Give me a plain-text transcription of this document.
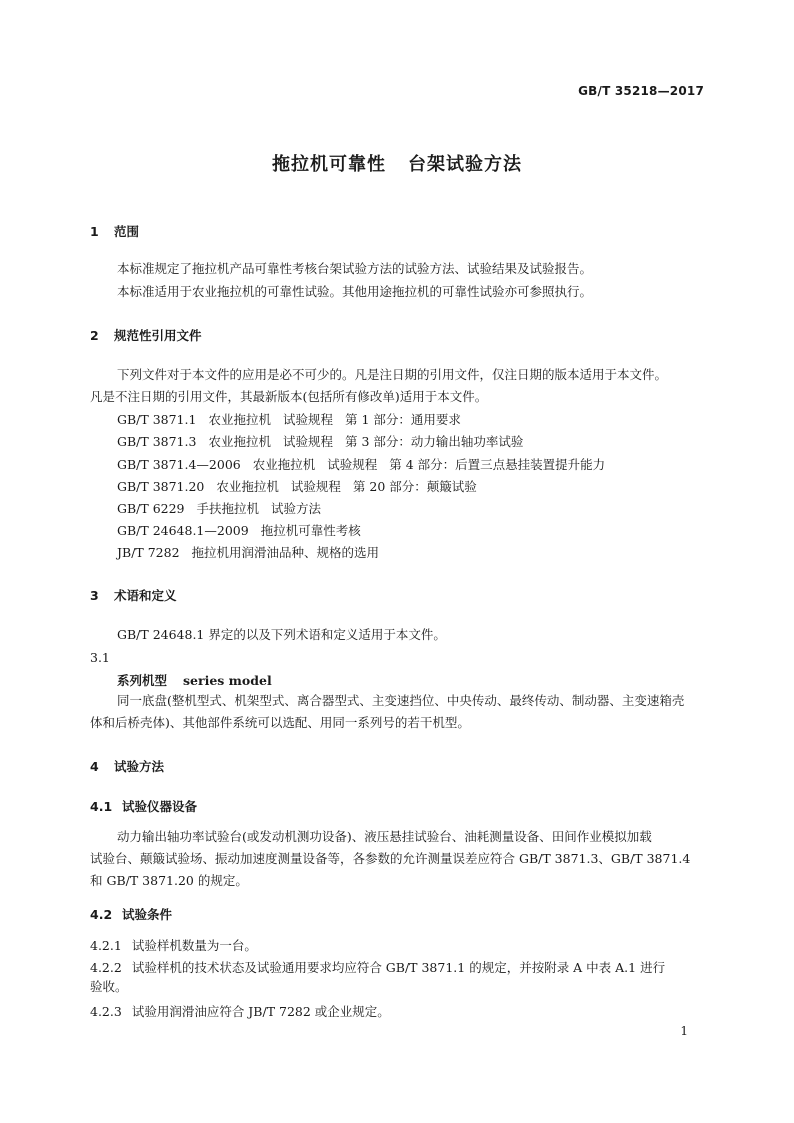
GB/T 35218—2017
拖拉机可靠性 台架试验方法
1 范围
本标准规定了拖拉机产品可靠性考核台架试验方法的试验方法、试验结果及试验报告。
本标准适用于农业拖拉机的可靠性试验。其他用途拖拉机的可靠性试验亦可参照执行。
2 规范性引用文件
下列文件对于本文件的应用是必不可少的。凡是注日期的引用文件，仅注日期的版本适用于本文件。
凡是不注日期的引用文件，其最新版本(包括所有修改单)适用于本文件。
GB/T 3871.1 农业拖拉机 试验规程 第 1 部分：通用要求
GB/T 3871.3 农业拖拉机 试验规程 第 3 部分：动力输出轴功率试验
GB/T 3871.4—2006 农业拖拉机 试验规程 第 4 部分：后置三点悬挂装置提升能力
GB/T 3871.20 农业拖拉机 试验规程 第 20 部分：颠簸试验
GB/T 6229 手扶拖拉机 试验方法
GB/T 24648.1—2009 拖拉机可靠性考核
JB/T 7282 拖拉机用润滑油品种、规格的选用
3 术语和定义
GB/T 24648.1 界定的以及下列术语和定义适用于本文件。
3.1
系列机型 series model
同一底盘(整机型式、机架型式、离合器型式、主变速挡位、中央传动、最终传动、制动器、主变速箱壳
体和后桥壳体)、其他部件系统可以选配、用同一系列号的若干机型。
4 试验方法
4.1 试验仪器设备
动力输出轴功率试验台(或发动机测功设备)、液压悬挂试验台、油耗测量设备、田间作业模拟加载
试验台、颠簸试验场、振动加速度测量设备等，各参数的允许测量误差应符合 GB/T 3871.3、GB/T 3871.4
和 GB/T 3871.20 的规定。
4.2 试验条件
4.2.1 试验样机数量为一台。
4.2.2 试验样机的技术状态及试验通用要求均应符合 GB/T 3871.1 的规定，并按附录 A 中表 A.1 进行
验收。
4.2.3 试验用润滑油应符合 JB/T 7282 或企业规定。
1
